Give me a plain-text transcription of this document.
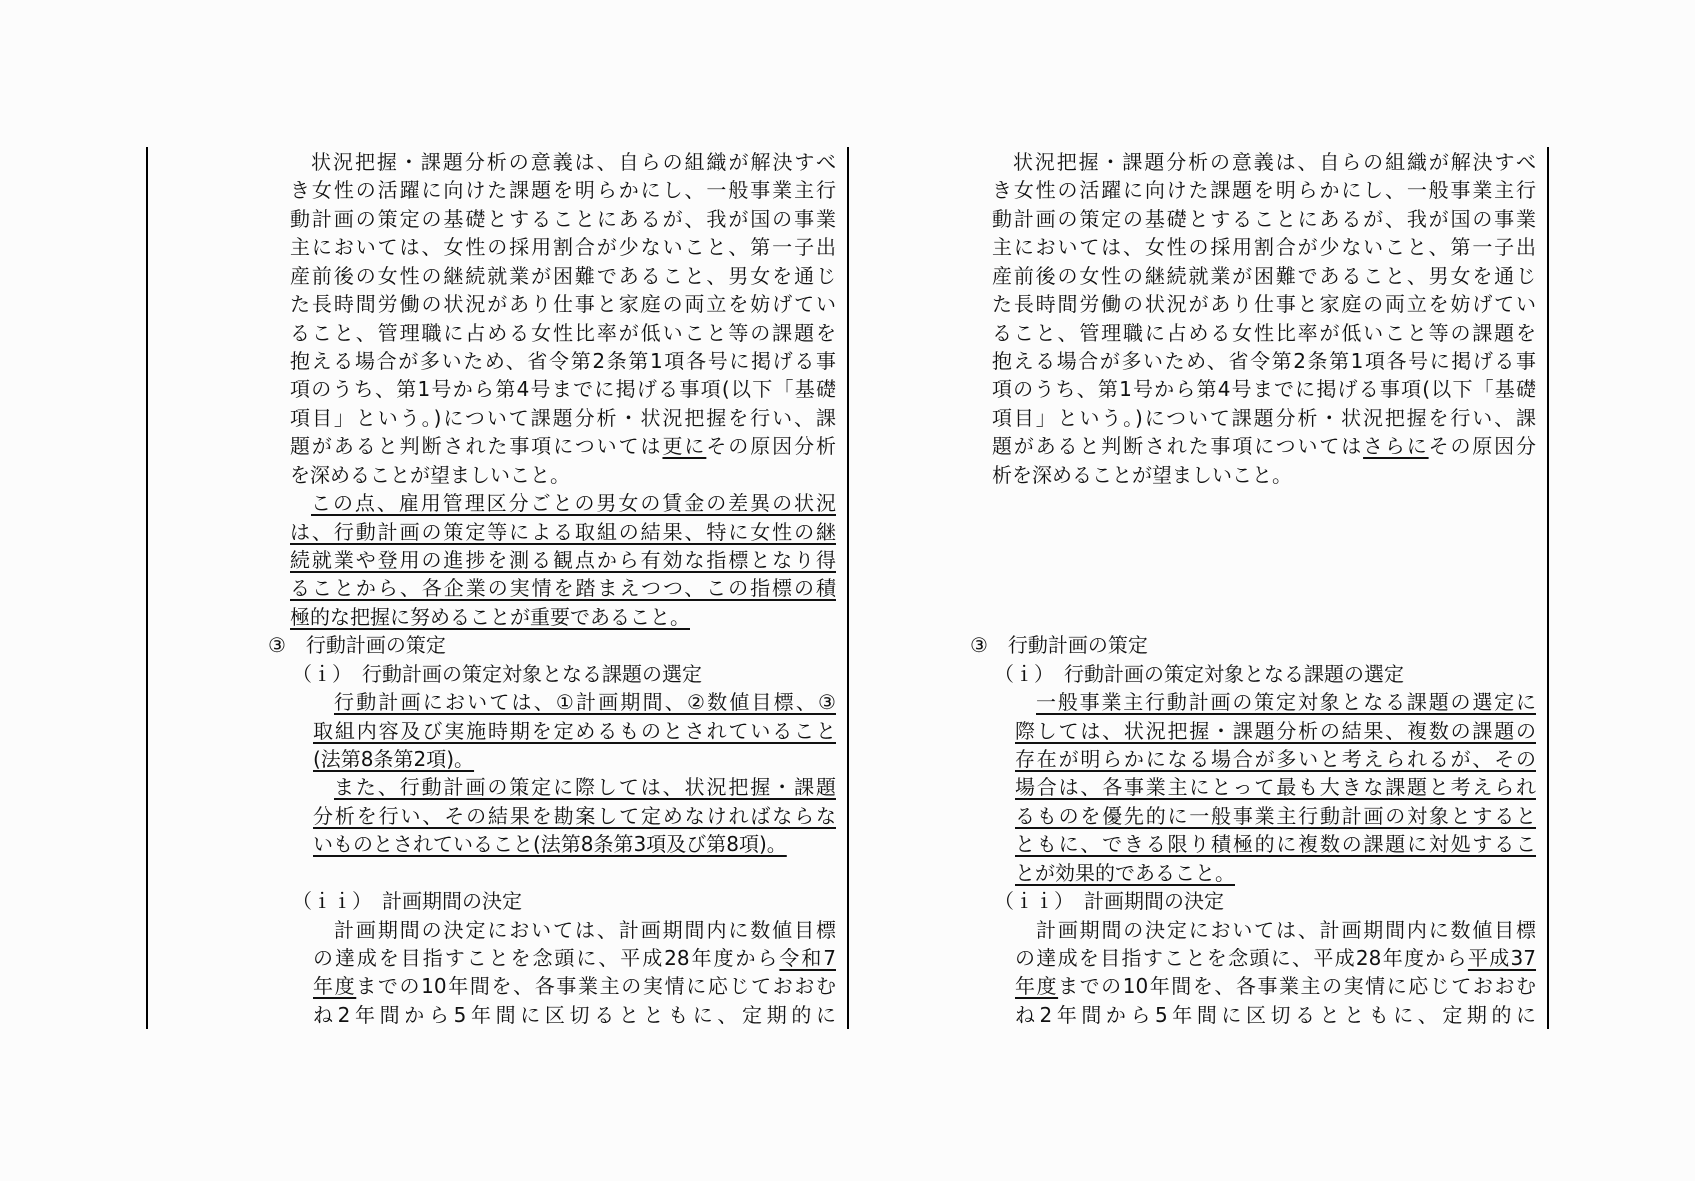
状況把握・課題分析の意義は、自らの組織が解決すべ
き女性の活躍に向けた課題を明らかにし、一般事業主行
動計画の策定の基礎とすることにあるが、我が国の事業
主においては、女性の採用割合が少ないこと、第一子出
産前後の女性の継続就業が困難であること、男女を通じ
た長時間労働の状況があり仕事と家庭の両立を妨げてい
ること、管理職に占める女性比率が低いこと等の課題を
抱える場合が多いため、省令第2条第1項各号に掲げる事
項のうち、第1号から第4号までに掲げる事項(以下「基礎
項目」という。)について課題分析・状況把握を行い、課
題があると判断された事項については更にその原因分析
を深めることが望ましいこと。
この点、雇用管理区分ごとの男女の賃金の差異の状況
は、行動計画の策定等による取組の結果、特に女性の継
続就業や登用の進捗を測る観点から有効な指標となり得
ることから、各企業の実情を踏まえつつ、この指標の積
極的な把握に努めることが重要であること。
③　行動計画の策定
（ｉ）　行動計画の策定対象となる課題の選定
行動計画においては、①計画期間、②数値目標、③
取組内容及び実施時期を定めるものとされていること
(法第8条第2項)。
また、行動計画の策定に際しては、状況把握・課題
分析を行い、その結果を勘案して定めなければならな
いものとされていること(法第8条第3項及び第8項)。
（ｉｉ）　計画期間の決定
計画期間の決定においては、計画期間内に数値目標
の達成を目指すことを念頭に、平成28年度から令和7
年度までの10年間を、各事業主の実情に応じておおむ
ね2年間から5年間に区切るとともに、定期的に
状況把握・課題分析の意義は、自らの組織が解決すべ
き女性の活躍に向けた課題を明らかにし、一般事業主行
動計画の策定の基礎とすることにあるが、我が国の事業
主においては、女性の採用割合が少ないこと、第一子出
産前後の女性の継続就業が困難であること、男女を通じ
た長時間労働の状況があり仕事と家庭の両立を妨げてい
ること、管理職に占める女性比率が低いこと等の課題を
抱える場合が多いため、省令第2条第1項各号に掲げる事
項のうち、第1号から第4号までに掲げる事項(以下「基礎
項目」という。)について課題分析・状況把握を行い、課
題があると判断された事項についてはさらにその原因分
析を深めることが望ましいこと。
③　行動計画の策定
（ｉ）　行動計画の策定対象となる課題の選定
一般事業主行動計画の策定対象となる課題の選定に
際しては、状況把握・課題分析の結果、複数の課題の
存在が明らかになる場合が多いと考えられるが、その
場合は、各事業主にとって最も大きな課題と考えられ
るものを優先的に一般事業主行動計画の対象とすると
ともに、できる限り積極的に複数の課題に対処するこ
とが効果的であること。
（ｉｉ）　計画期間の決定
計画期間の決定においては、計画期間内に数値目標
の達成を目指すことを念頭に、平成28年度から平成37
年度までの10年間を、各事業主の実情に応じておおむ
ね2年間から5年間に区切るとともに、定期的に
